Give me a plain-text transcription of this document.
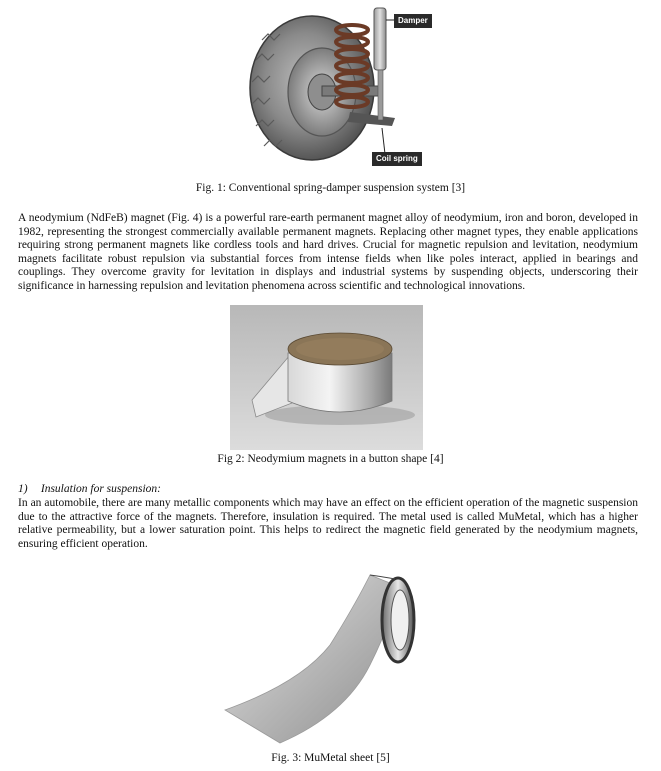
Damper
Coil spring
Fig. 1: Conventional spring-damper suspension system [3]

A neodymium (NdFeB) magnet (Fig. 4) is a powerful rare-earth permanent magnet alloy of neodymium, iron and boron, developed in 1982, representing the strongest commercially available permanent magnets. Replacing other magnet types, they enable applications requiring strong permanent magnets like cordless tools and hard drives. Crucial for magnetic repulsion and levitation, neodymium magnets facilitate robust repulsion via substantial forces from intense fields when like poles interact, applied in bearings and couplings. They overcome gravity for levitation in displays and industrial systems by suspending objects, underscoring their significance in harnessing repulsion and levitation phenomena across scientific and technological innovations.

Fig 2: Neodymium magnets in a button shape [4]
1) Insulation for suspension:

In an automobile, there are many metallic components which may have an effect on the efficient operation of the magnetic suspension due to the attractive force of the magnets. Therefore, insulation is required. The metal used is called MuMetal, which has a higher relative permeability, but a lower saturation point. This helps to redirect the magnetic field generated by the neodymium magnets, ensuring efficient operation.

Fig. 3: MuMetal sheet [5]
